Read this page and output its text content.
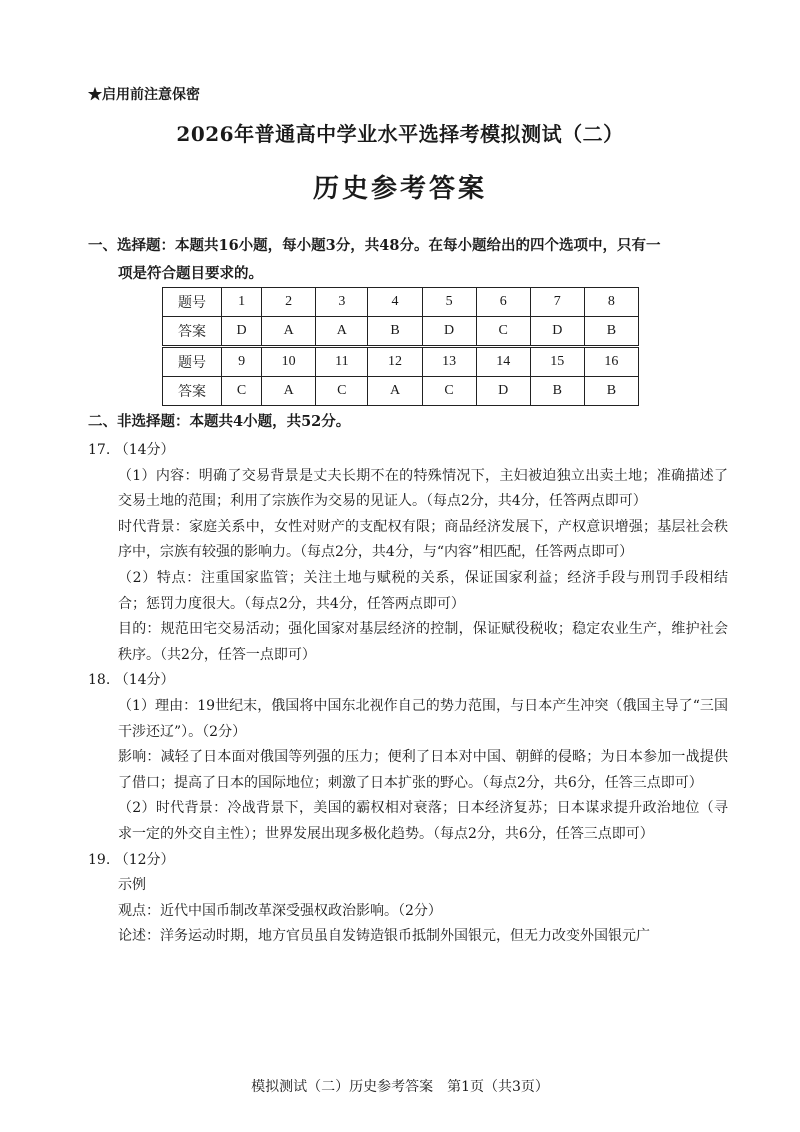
★启用前注意保密
2026年普通高中学业水平选择考模拟测试（二）
历史参考答案
一、选择题：本题共16小题，每小题3分，共48分。在每小题给出的四个选项中，只有一
项是符合题目要求的。
题号	1	2	3	4	5	6	7	8
答案	D	A	A	B	D	C	D	B
题号	9	10	11	12	13	14	15	16
答案	C	A	C	A	C	D	B	B
二、非选择题：本题共4小题，共52分。
17. （14分）
（1）内容：明确了交易背景是丈夫长期不在的特殊情况下，主妇被迫独立出卖土地；准确描述了交易土地的范围；利用了宗族作为交易的见证人。（每点2分，共4分，任答两点即可）
时代背景：家庭关系中，女性对财产的支配权有限；商品经济发展下，产权意识增强；基层社会秩序中，宗族有较强的影响力。（每点2分，共4分，与“内容”相匹配，任答两点即可）
（2）特点：注重国家监管；关注土地与赋税的关系，保证国家利益；经济手段与刑罚手段相结合；惩罚力度很大。（每点2分，共4分，任答两点即可）
目的：规范田宅交易活动；强化国家对基层经济的控制，保证赋役税收；稳定农业生产，维护社会秩序。（共2分，任答一点即可）
18. （14分）
（1）理由：19世纪末，俄国将中国东北视作自己的势力范围，与日本产生冲突（俄国主导了“三国干涉还辽”）。（2分）
影响：减轻了日本面对俄国等列强的压力；便利了日本对中国、朝鲜的侵略；为日本参加一战提供了借口；提高了日本的国际地位；刺激了日本扩张的野心。（每点2分，共6分，任答三点即可）
（2）时代背景：冷战背景下，美国的霸权相对衰落；日本经济复苏；日本谋求提升政治地位（寻求一定的外交自主性）；世界发展出现多极化趋势。（每点2分，共6分，任答三点即可）
19. （12分）
示例
观点：近代中国币制改革深受强权政治影响。（2分）
论述：洋务运动时期，地方官员虽自发铸造银币抵制外国银元，但无力改变外国银元广
模拟测试（二）历史参考答案　第1页（共3页）
